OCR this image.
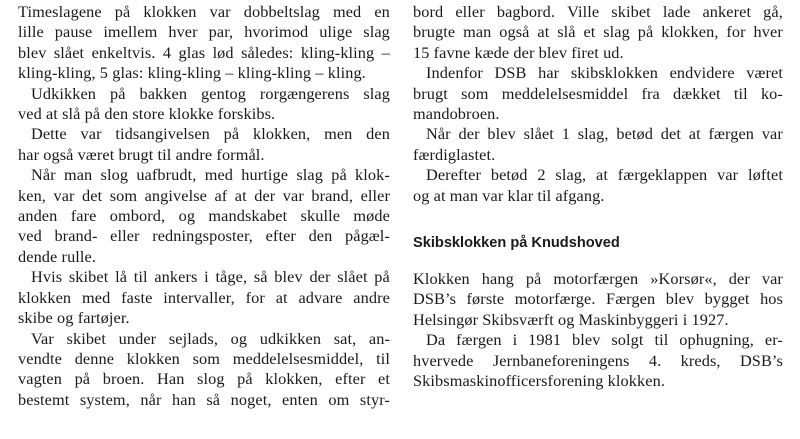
Timeslagene på klokken var dobbeltslag med en
lille pause imellem hver par, hvorimod ulige slag
blev slået enkeltvis. 4 glas lød således: kling-kling –
kling-kling, 5 glas: kling-kling – kling-kling – kling.
Udkikken på bakken gentog rorgængerens slag
ved at slå på den store klokke forskibs.
Dette var tidsangivelsen på klokken, men den
har også været brugt til andre formål.
Når man slog uafbrudt, med hurtige slag på klok-
ken, var det som angivelse af at der var brand, eller
anden fare ombord, og mandskabet skulle møde
ved brand- eller redningsposter, efter den pågæl-
dende rulle.
Hvis skibet lå til ankers i tåge, så blev der slået på
klokken med faste intervaller, for at advare andre
skibe og fartøjer.
Var skibet under sejlads, og udkikken sat, an-
vendte denne klokken som meddelelsesmiddel, til
vagten på broen. Han slog på klokken, efter et
bestemt system, når han så noget, enten om styr-
bord eller bagbord. Ville skibet lade ankeret gå,
brugte man også at slå et slag på klokken, for hver
15 favne kæde der blev firet ud.
Indenfor DSB har skibsklokken endvidere været
brugt som meddelelsesmiddel fra dækket til ko-
mandobroen.
Når der blev slået 1 slag, betød det at færgen var
færdiglastet.
Derefter betød 2 slag, at færgeklappen var løftet
og at man var klar til afgang.
Skibsklokken på Knudshoved
Klokken hang på motorfærgen »Korsør«, der var
DSB’s første motorfærge. Færgen blev bygget hos
Helsingør Skibsværft og Maskinbyggeri i 1927.
Da færgen i 1981 blev solgt til ophugning, er-
hvervede Jernbaneforeningens 4. kreds, DSB’s
Skibsmaskinofficersforening klokken.
